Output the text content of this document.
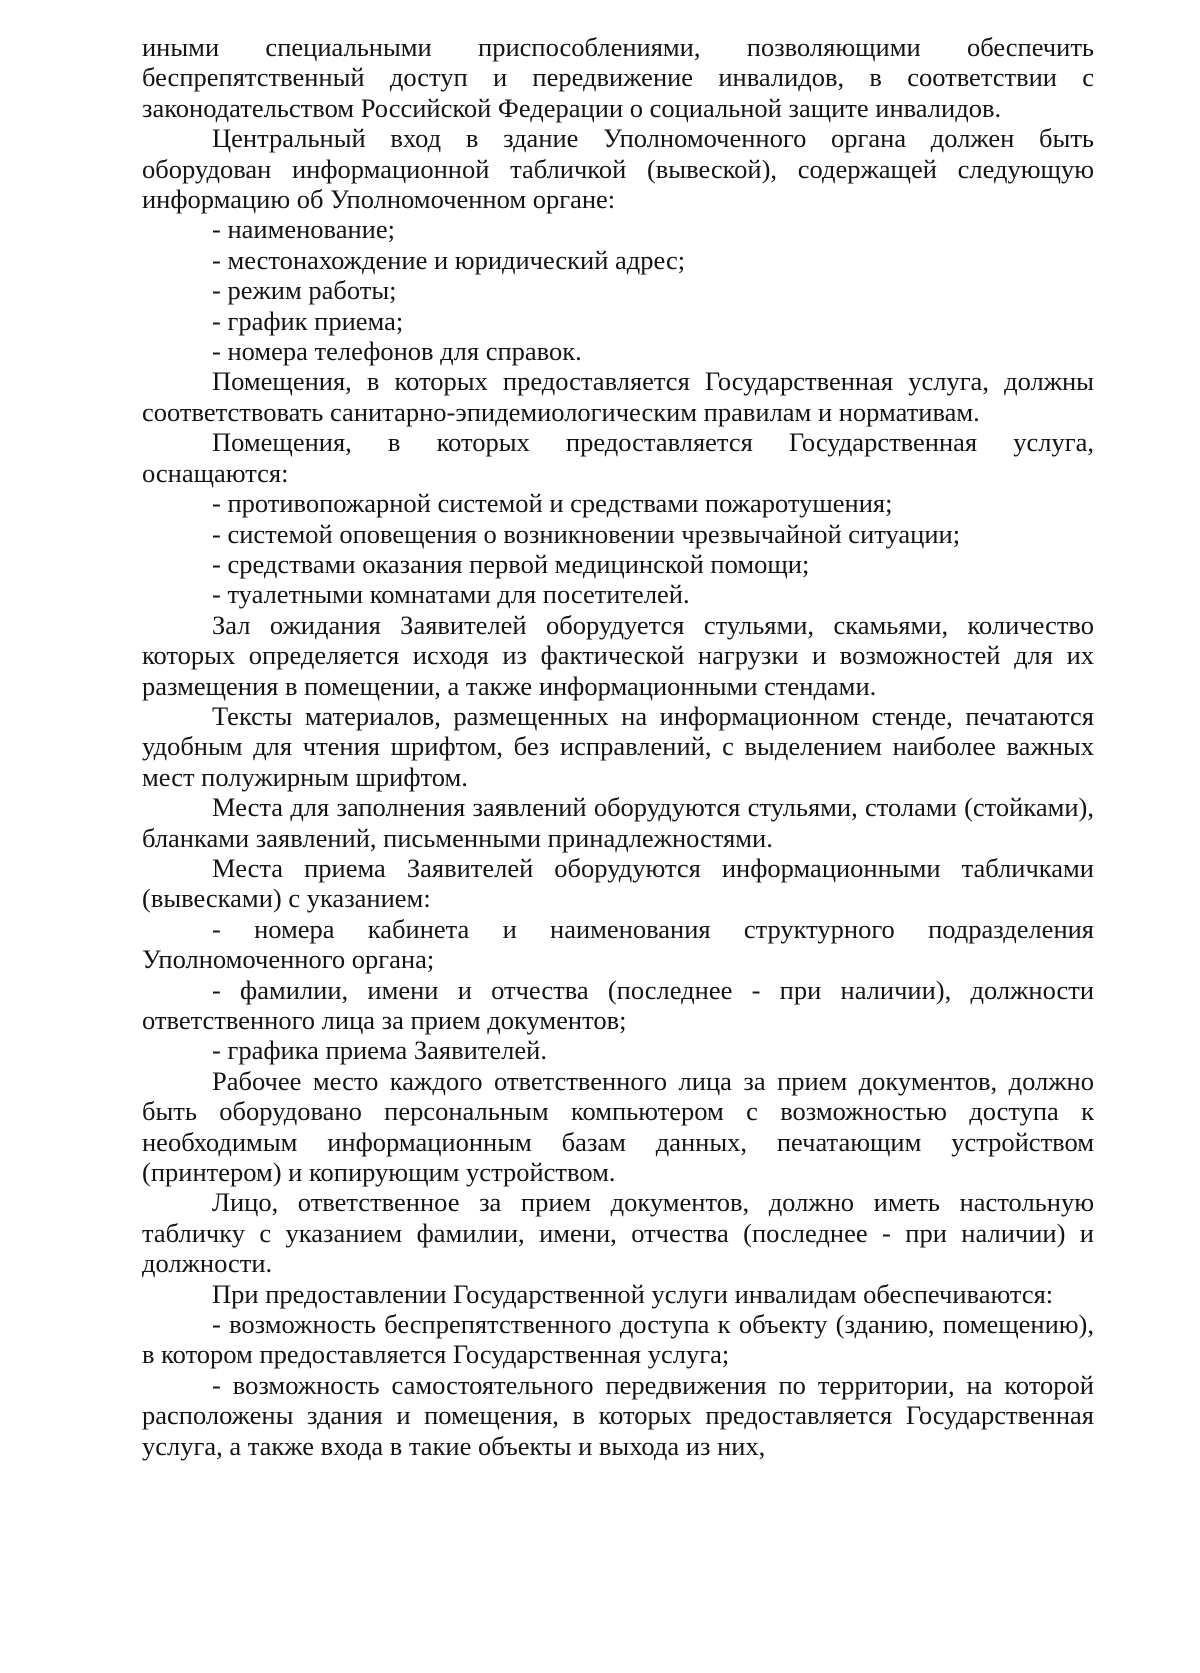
иными специальными приспособлениями, позволяющими обеспечить беспрепятственный доступ и передвижение инвалидов, в соответствии с законодательством Российской Федерации о социальной защите инвалидов.

Центральный вход в здание Уполномоченного органа должен быть оборудован информационной табличкой (вывеской), содержащей следующую информацию об Уполномоченном органе:

- наименование;

- местонахождение и юридический адрес;

- режим работы;

- график приема;

- номера телефонов для справок.

Помещения, в которых предоставляется Государственная услуга, должны соответствовать санитарно-эпидемиологическим правилам и нормативам.

Помещения, в которых предоставляется Государственная услуга, оснащаются:

- противопожарной системой и средствами пожаротушения;

- системой оповещения о возникновении чрезвычайной ситуации;

- средствами оказания первой медицинской помощи;

- туалетными комнатами для посетителей.

Зал ожидания Заявителей оборудуется стульями, скамьями, количество которых определяется исходя из фактической нагрузки и возможностей для их размещения в помещении, а также информационными стендами.

Тексты материалов, размещенных на информационном стенде, печатаются удобным для чтения шрифтом, без исправлений, с выделением наиболее важных мест полужирным шрифтом.

Места для заполнения заявлений оборудуются стульями, столами (стойками), бланками заявлений, письменными принадлежностями.

Места приема Заявителей оборудуются информационными табличками (вывесками) с указанием:

- номера кабинета и наименования структурного подразделения Уполномоченного органа;

- фамилии, имени и отчества (последнее - при наличии), должности ответственного лица за прием документов;

- графика приема Заявителей.

Рабочее место каждого ответственного лица за прием документов, должно быть оборудовано персональным компьютером с возможностью доступа к необходимым информационным базам данных, печатающим устройством (принтером) и копирующим устройством.

Лицо, ответственное за прием документов, должно иметь настольную табличку с указанием фамилии, имени, отчества (последнее - при наличии) и должности.

При предоставлении Государственной услуги инвалидам обеспечиваются:

- возможность беспрепятственного доступа к объекту (зданию, помещению), в котором предоставляется Государственная услуга;

- возможность самостоятельного передвижения по территории, на которой расположены здания и помещения, в которых предоставляется Государственная услуга, а также входа в такие объекты и выхода из них,
